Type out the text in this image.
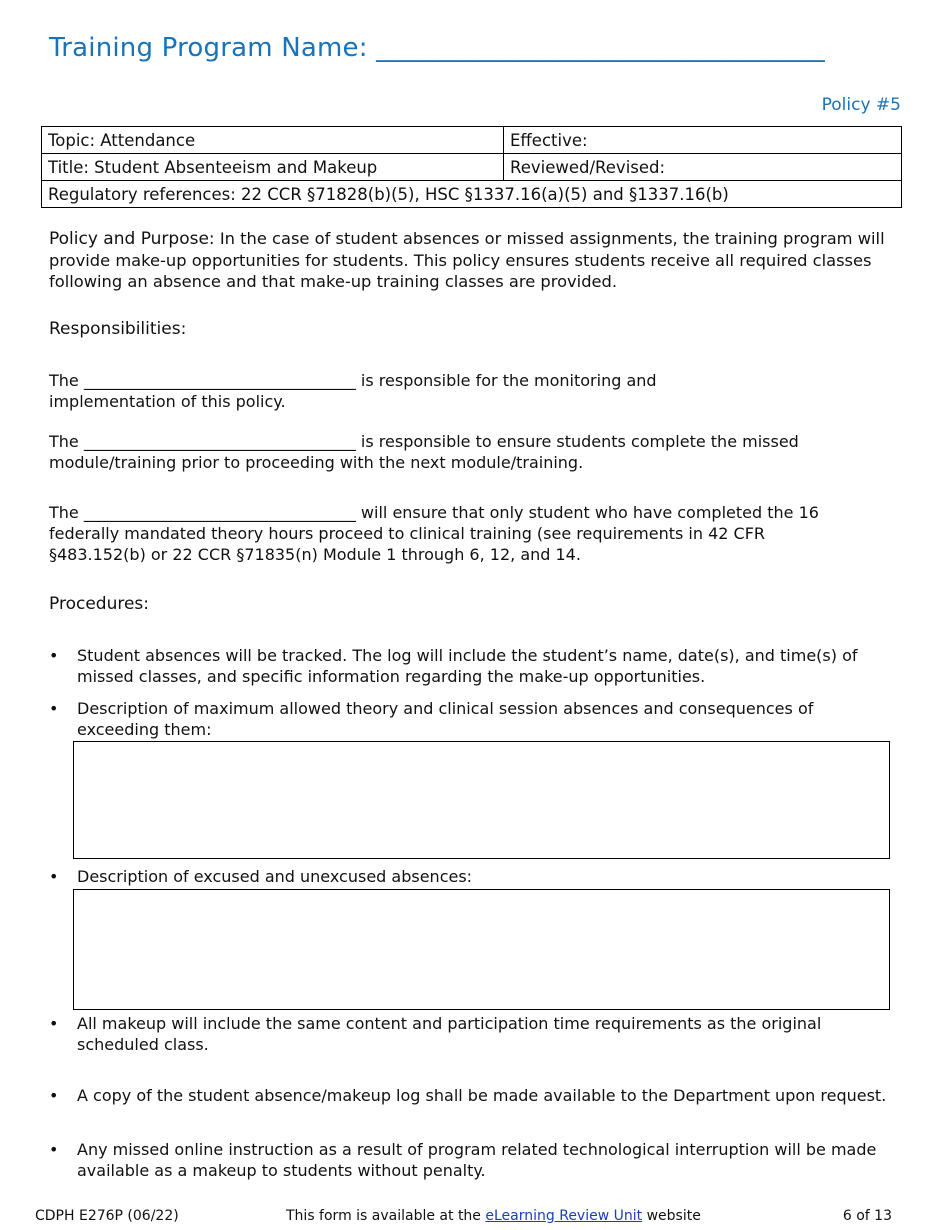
Training Program Name: __________________________________
Policy #5
Topic: Attendance	Effective:
Title: Student Absenteeism and Makeup	Reviewed/Revised:
Regulatory references: 22 CCR §71828(b)(5), HSC §1337.16(a)(5) and §1337.16(b)	
Policy and Purpose: In the case of student absences or missed assignments, the training program will provide make-up opportunities for students. This policy ensures students receive all required classes following an absence and that make-up training classes are provided.
Responsibilities:
The __________________________________ is responsible for the monitoring and implementation of this policy.
The __________________________________ is responsible to ensure students complete the missed module/training prior to proceeding with the next module/training.
The __________________________________ will ensure that only student who have completed the 16 federally mandated theory hours proceed to clinical training (see requirements in 42 CFR §483.152(b) or 22 CCR §71835(n) Module 1 through 6, 12, and 14.
Procedures:
• Student absences will be tracked. The log will include the student’s name, date(s), and time(s) of missed classes, and specific information regarding the make-up opportunities.
• Description of maximum allowed theory and clinical session absences and consequences of exceeding them:
• Description of excused and unexcused absences:
• All makeup will include the same content and participation time requirements as the original scheduled class.
• A copy of the student absence/makeup log shall be made available to the Department upon request.
• Any missed online instruction as a result of program related technological interruption will be made available as a makeup to students without penalty.
CDPH E276P (06/22)	This form is available at the eLearning Review Unit website	6 of 13
